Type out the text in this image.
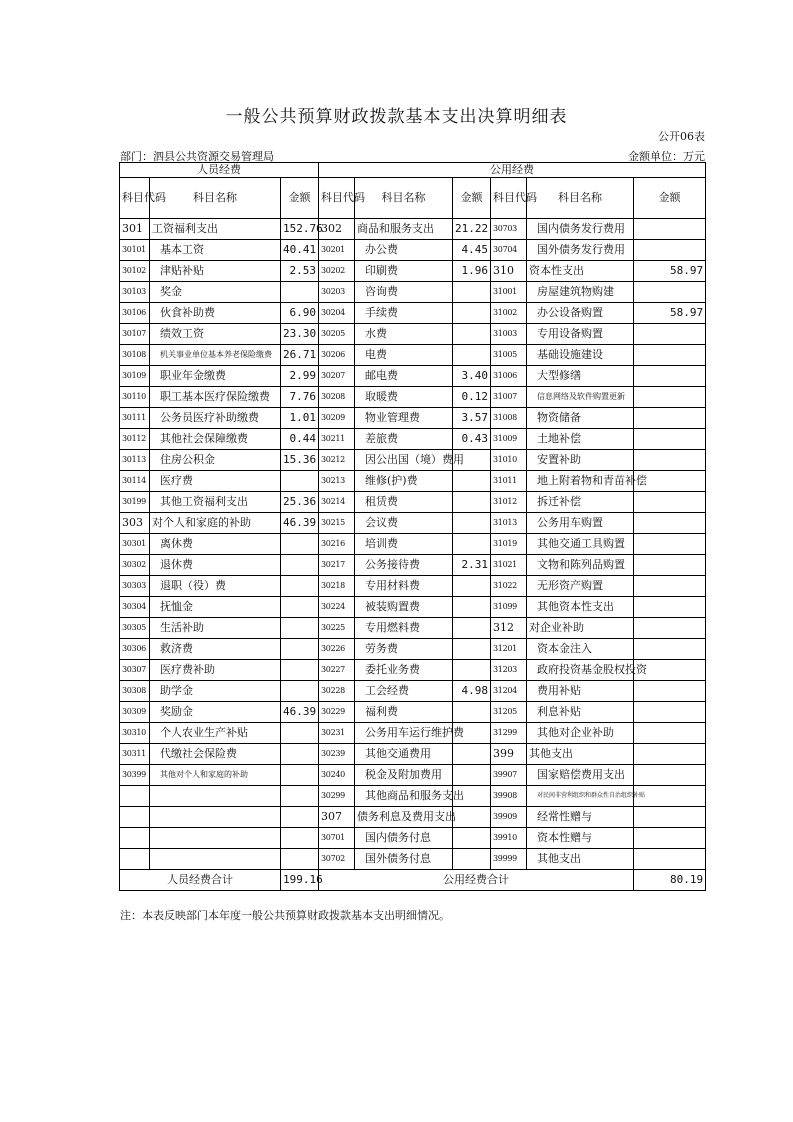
一般公共预算财政拨款基本支出决算明细表
公开06表
部门：泗县公共资源交易管理局	金额单位：万元
人员经费			公用经费					
科目代码	科目名称	金额	科目代码	科目名称	金额	科目代码	科目名称	金额
301	工资福利支出	152.76	302	商品和服务支出	21.22	30703	国内债务发行费用	
30101	基本工资	40.41	30201	办公费	4.45	30704	国外债务发行费用	
30102	津贴补贴	2.53	30202	印刷费	1.96	310	资本性支出	58.97
30103	奖金		30203	咨询费		31001	房屋建筑物购建	
30106	伙食补助费	6.90	30204	手续费		31002	办公设备购置	58.97
30107	绩效工资	23.30	30205	水费		31003	专用设备购置	
30108	机关事业单位基本养老保险缴费	26.71	30206	电费		31005	基础设施建设	
30109	职业年金缴费	2.99	30207	邮电费	3.40	31006	大型修缮	
30110	职工基本医疗保险缴费	7.76	30208	取暖费	0.12	31007	信息网络及软件购置更新	
30111	公务员医疗补助缴费	1.01	30209	物业管理费	3.57	31008	物资储备	
30112	其他社会保障缴费	0.44	30211	差旅费	0.43	31009	土地补偿	
30113	住房公积金	15.36	30212	因公出国（境）费用		31010	安置补助	
30114	医疗费		30213	维修(护)费		31011	地上附着物和青苗补偿	
30199	其他工资福利支出	25.36	30214	租赁费		31012	拆迁补偿	
303	对个人和家庭的补助	46.39	30215	会议费		31013	公务用车购置	
30301	离休费		30216	培训费		31019	其他交通工具购置	
30302	退休费		30217	公务接待费	2.31	31021	文物和陈列品购置	
30303	退职（役）费		30218	专用材料费		31022	无形资产购置	
30304	抚恤金		30224	被装购置费		31099	其他资本性支出	
30305	生活补助		30225	专用燃料费		312	对企业补助	
30306	救济费		30226	劳务费		31201	资本金注入	
30307	医疗费补助		30227	委托业务费		31203	政府投资基金股权投资	
30308	助学金		30228	工会经费	4.98	31204	费用补贴	
30309	奖励金	46.39	30229	福利费		31205	利息补贴	
30310	个人农业生产补贴		30231	公务用车运行维护费		31299	其他对企业补助	
30311	代缴社会保险费		30239	其他交通费用		399	其他支出	
30399	其他对个人和家庭的补助		30240	税金及附加费用		39907	国家赔偿费用支出	
			30299	其他商品和服务支出		39908	对民间非营利组织和群众性自治组织补贴	
			307	债务利息及费用支出		39909	经常性赠与	
			30701	国内债务付息		39910	资本性赠与	
			30702	国外债务付息		39999	其他支出	
人员经费合计		199.16	公用经费合计					80.19
注：本表反映部门本年度一般公共预算财政拨款基本支出明细情况。
